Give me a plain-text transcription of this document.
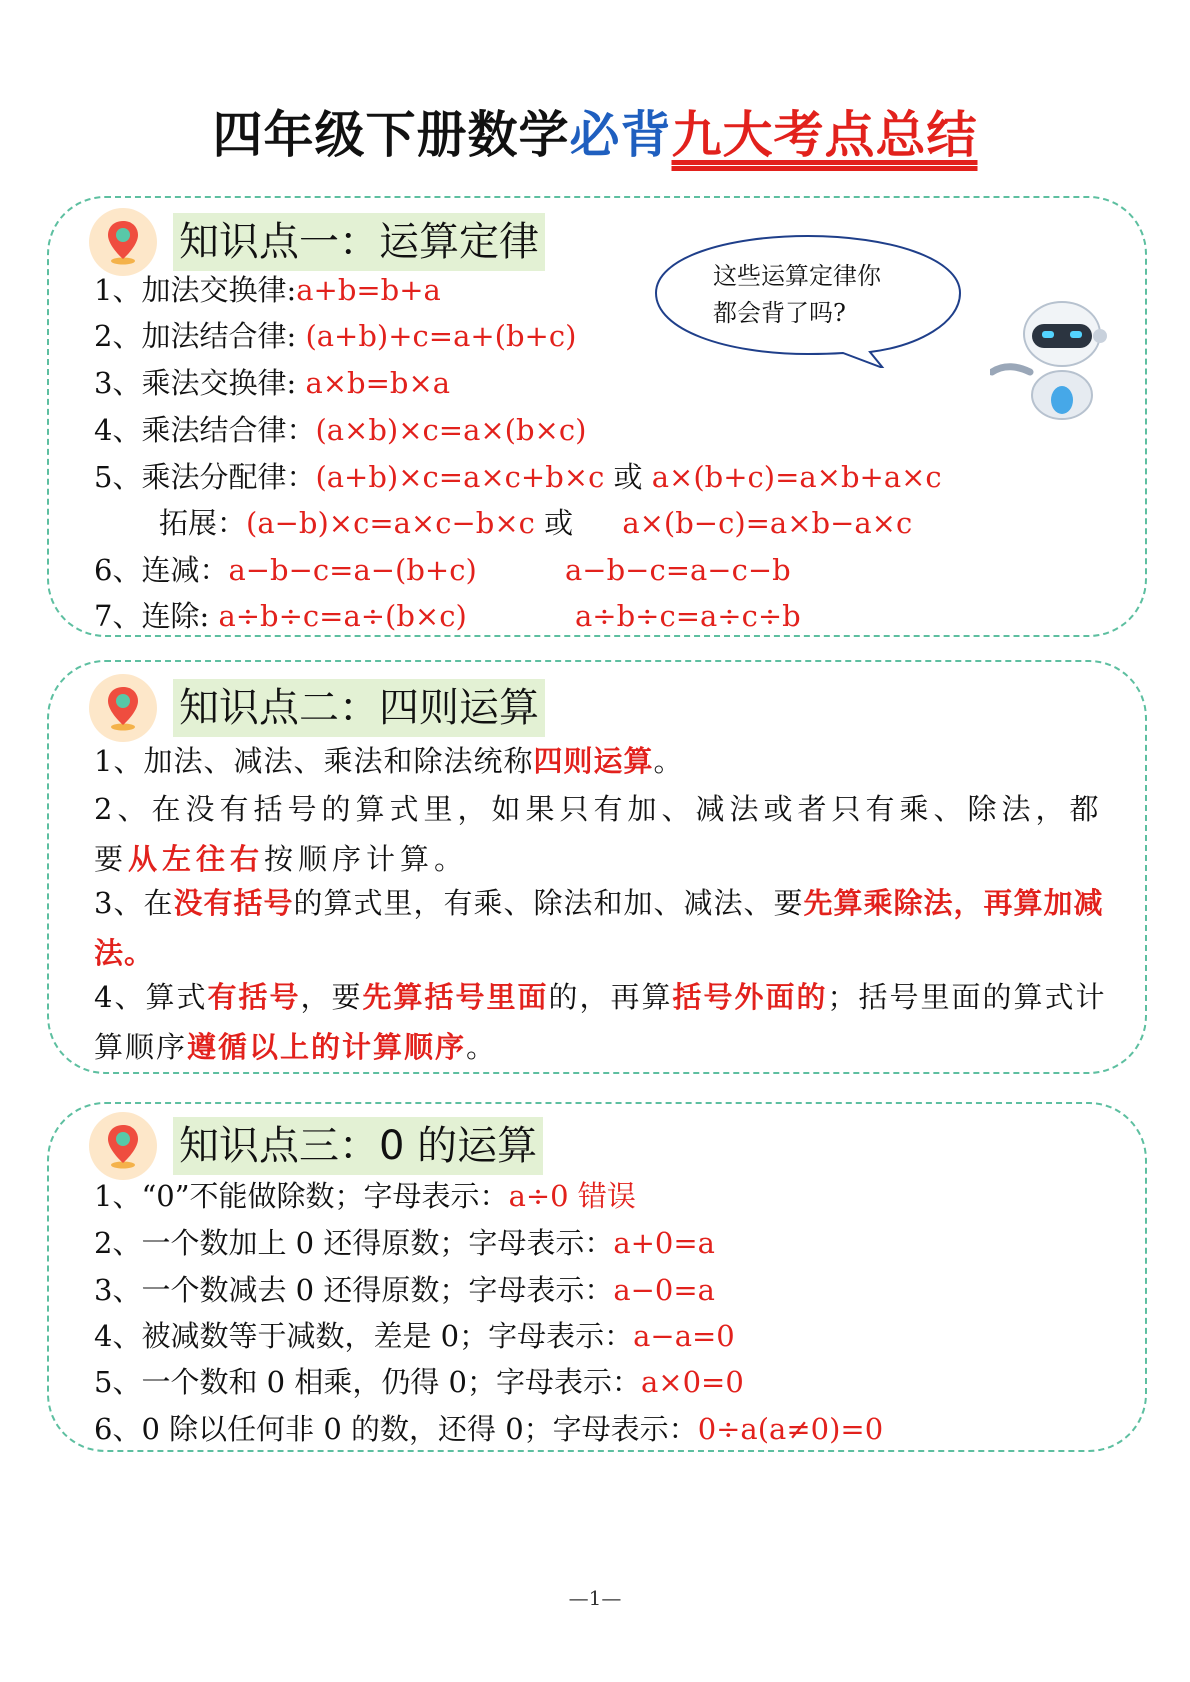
四年级下册数学必背九大考点总结
知识点一：运算定律
1、加法交换律:a+b=b+a
2、加法结合律: (a+b)+c=a+(b+c)
3、乘法交换律: a×b=b×a
4、乘法结合律：(a×b)×c=a×(b×c)
5、乘法分配律：(a+b)×c=a×c+b×c 或 a×(b+c)=a×b+a×c
拓展：(a−b)×c=a×c−b×c 或 a×(b−c)=a×b−a×c
6、连减：a−b−c=a−(b+c)	a−b−c=a−c−b
7、连除: a÷b÷c=a÷(b×c)	a÷b÷c=a÷c÷b
这些运算定律你
都会背了吗?
知识点二：四则运算
1、加法、减法、乘法和除法统称四则运算。
2、在没有括号的算式里，如果只有加、减法或者只有乘、除法，都要从左往右按顺序计算。
3、在没有括号的算式里，有乘、除法和加、减法、要先算乘除法，再算加减法。
4、算式有括号，要先算括号里面的，再算括号外面的；括号里面的算式计算顺序遵循以上的计算顺序。
知识点三：0 的运算
1、“0”不能做除数；字母表示：a÷0 错误
2、一个数加上 0 还得原数；字母表示：a+0=a
3、一个数减去 0 还得原数；字母表示：a−0=a
4、被减数等于减数，差是 0；字母表示：a−a=0
5、一个数和 0 相乘，仍得 0；字母表示：a×0=0
6、0 除以任何非 0 的数，还得 0；字母表示：0÷a(a≠0)=0
—1—
